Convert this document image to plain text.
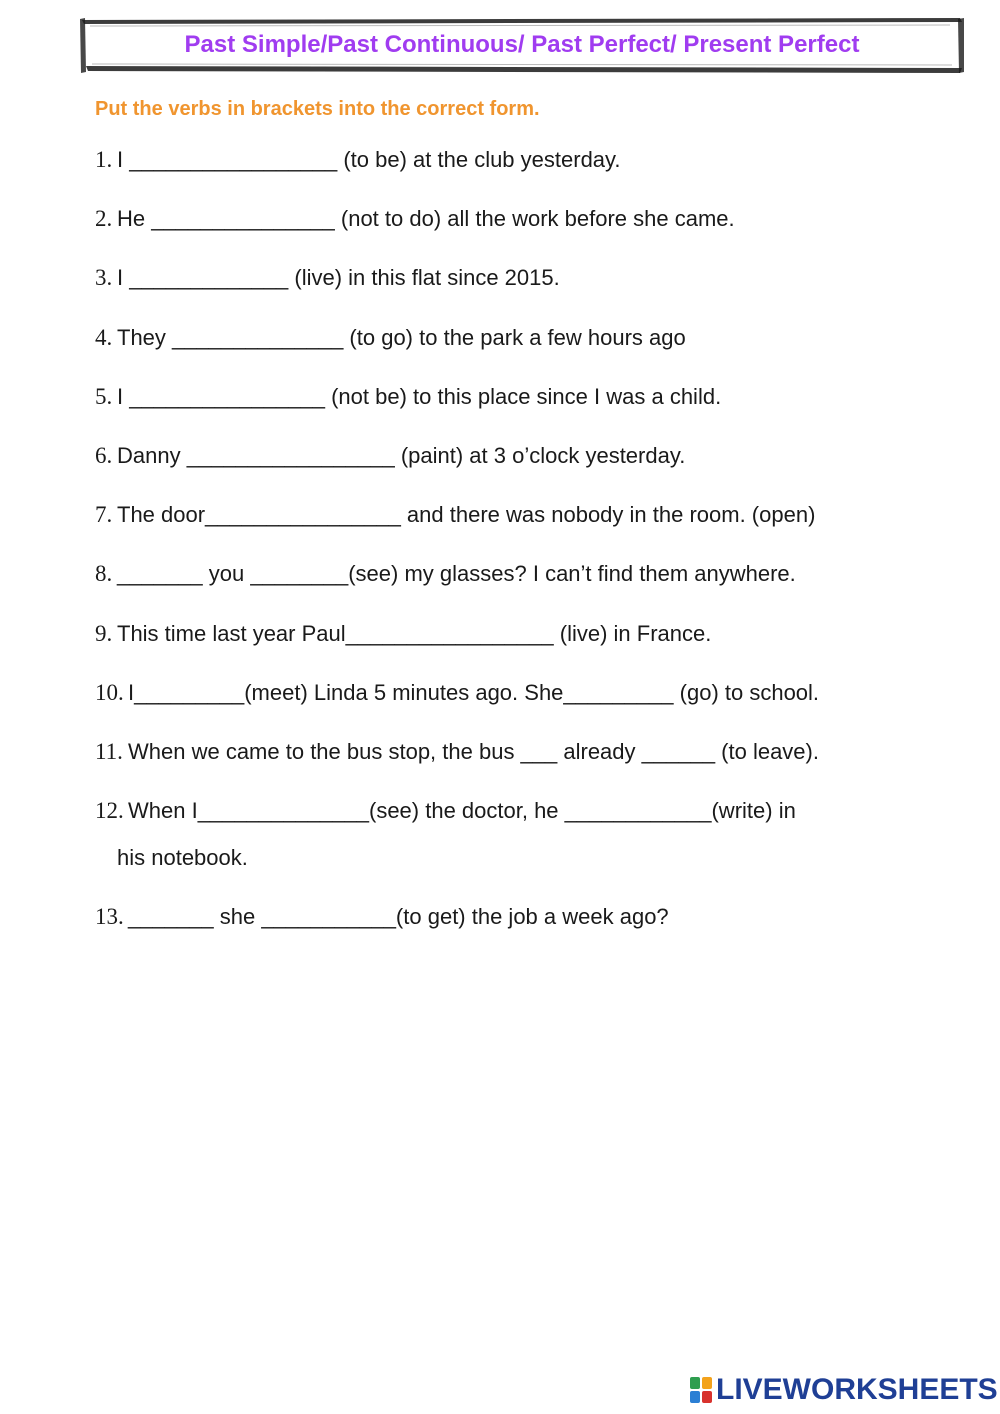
Past Simple/Past Continuous/ Past Perfect/ Present Perfect
Put the verbs in brackets into the correct form.
1. I _________________ (to be) at the club yesterday.
2. He _______________ (not to do) all the work before she came.
3. I _____________ (live) in this flat since 2015.
4. They ______________ (to go) to the park a few hours ago
5. I ________________ (not be) to this place since I was a child.
6. Danny _________________ (paint) at 3 o’clock yesterday.
7. The door________________ and there was nobody in the room. (open)
8. _______ you ________(see) my glasses? I can’t find them anywhere.
9. This time last year Paul_________________ (live) in France.
10. I_________(meet) Linda 5 minutes ago. She_________ (go) to school.
11. When we came to the bus stop, the bus ___ already ______ (to leave).
12. When I______________(see) the doctor, he ____________(write) in
his notebook.
13. _______ she ___________(to get) the job a week ago?
LIVEWORKSHEETS
